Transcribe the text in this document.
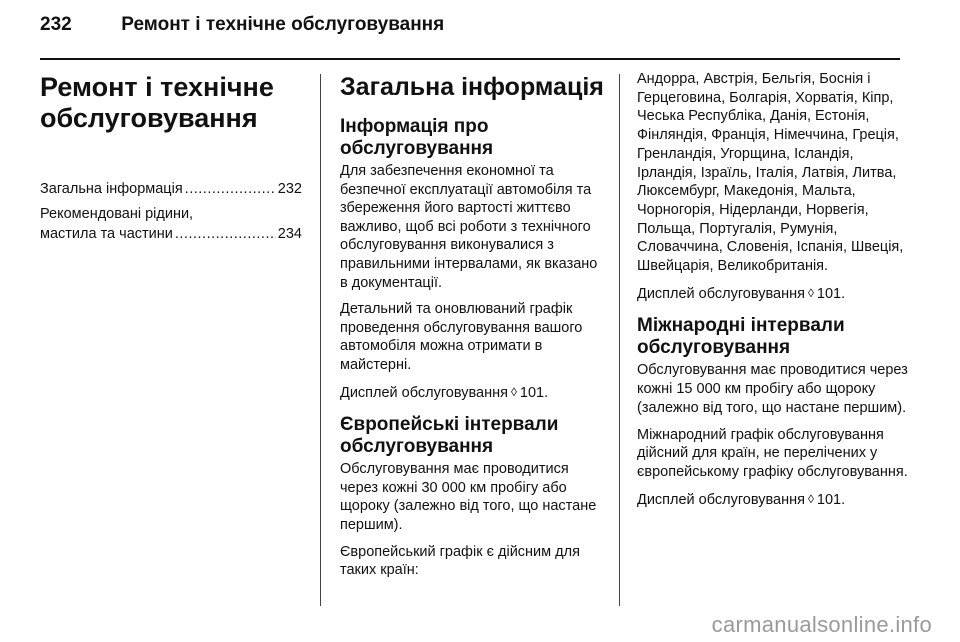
232	Ремонт і технічне обслуговування
Ремонт і технічне
обслуговування
Загальна інформація .....	232
Рекомендовані рідини,
мастила та частини .....	234
Загальна інформація

Інформація про обслуговування

Для забезпечення економної та безпечної експлуатації автомобіля та збереження його вартості життєво важливо, щоб всі роботи з технічного обслуговування виконувалися з правильними інтервалами, як вказано в документації.

Детальний та оновлюваний графік проведення обслуговування вашого автомобіля можна отримати в майстерні.

Дисплей обслуговування ◊ 101.

Європейські інтервали обслуговування

Обслуговування має проводитися через кожні 30 000 км пробігу або щороку (залежно від того, що настане першим).

Європейський графік є дійсним для таких країн:

Андорра, Австрія, Бельгія, Боснія і Герцеговина, Болгарія, Хорватія, Кіпр, Чеська Республіка, Данія, Естонія, Фінляндія, Франція, Німеччина, Греція, Гренландія, Угорщина, Ісландія, Ірландія, Ізраїль, Італія, Латвія, Литва, Люксембург, Македонія, Мальта, Чорногорія, Нідерланди, Норвегія, Польща, Португалія, Румунія, Словаччина, Словенія, Іспанія, Швеція, Швейцарія, Великобританія.

Дисплей обслуговування ◊ 101.

Міжнародні інтервали обслуговування

Обслуговування має проводитися через кожні 15 000 км пробігу або щороку (залежно від того, що настане першим).

Міжнародний графік обслуговування дійсний для країн, не перелічених у європейському графіку обслуговування.

Дисплей обслуговування ◊ 101.

carmanualsonline.info
